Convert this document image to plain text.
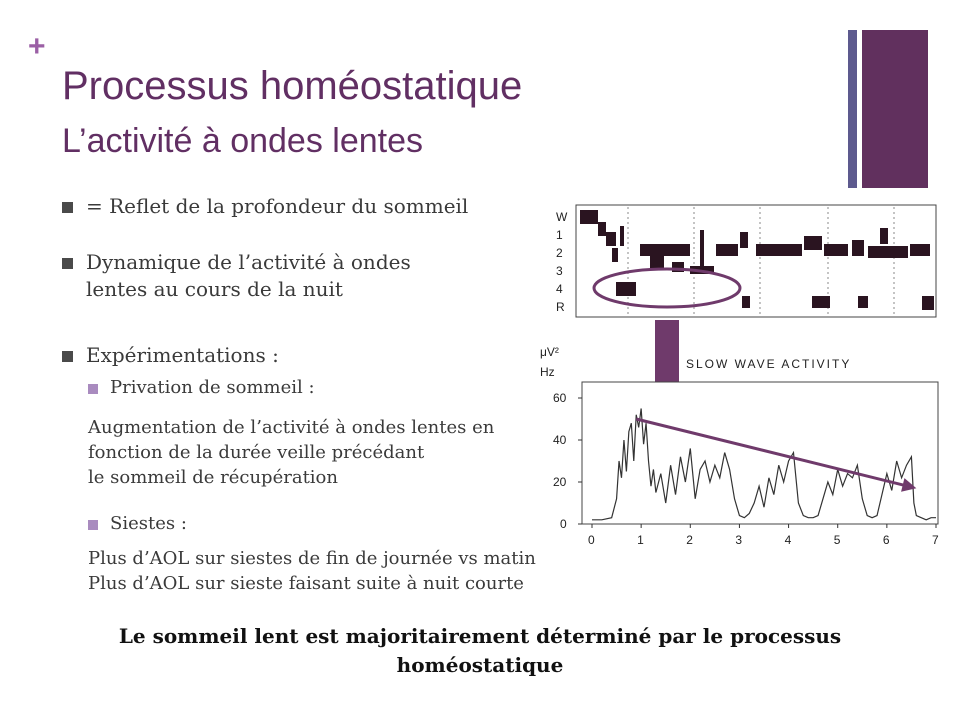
+
Processus homéostatique
L’activité à ondes lentes
= Reflet de la profondeur du sommeil
Dynamique de l’activité à ondes
lentes au cours de la nuit
Expérimentations :
Privation de sommeil :

Augmentation de l’activité à ondes lentes en
fonction de la durée veille précédant
le sommeil de récupération

Siestes :

Plus d’AOL sur siestes de fin de journée vs matin
Plus d’AOL sur sieste faisant suite à nuit courte

W
1
2
3
4
R
SLOW WAVE ACTIVITY
μV²
Hz
0	1	2	3	4	5	6	7
0
20
40
60

Le sommeil lent est majoritairement déterminé par le processus
homéostatique
